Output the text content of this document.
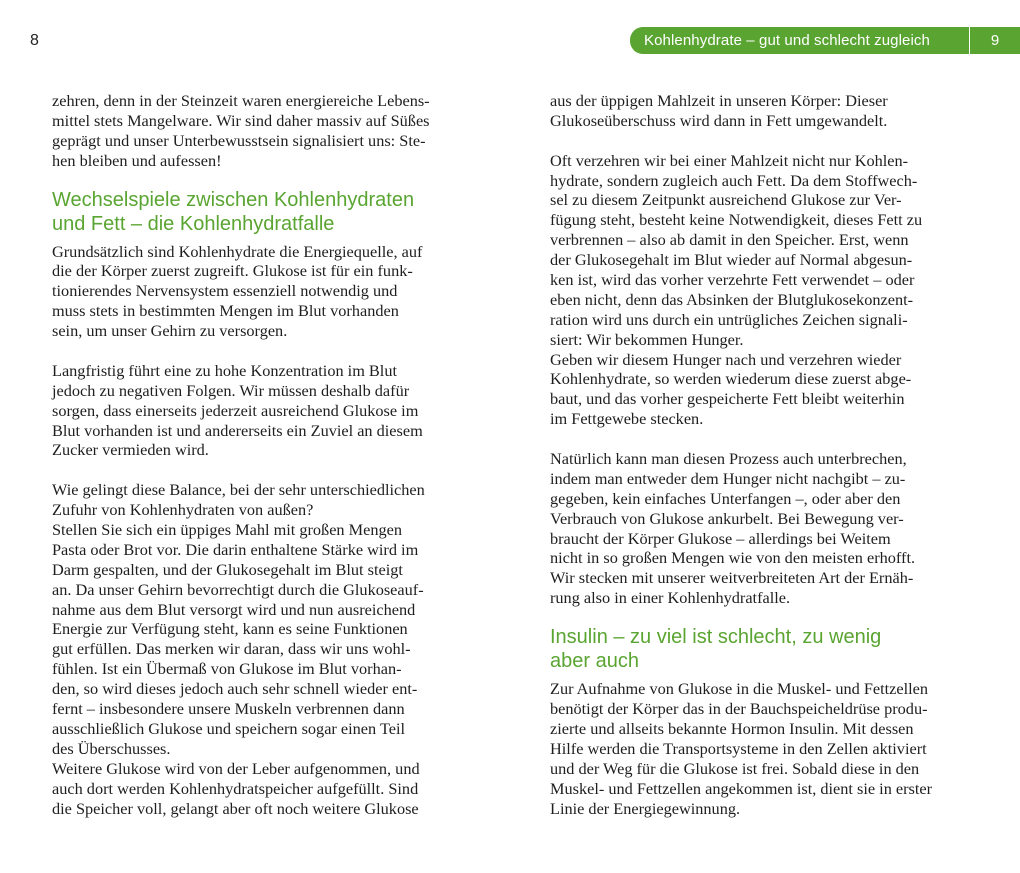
8	Kohlenhydrate – gut und schlecht zugleich	9
zehren, denn in der Steinzeit waren energiereiche Lebens-
mittel stets Mangelware. Wir sind daher massiv auf Süßes
geprägt und unser Unterbewusstsein signalisiert uns: Ste-
hen bleiben und aufessen!
Wechselspiele zwischen Kohlenhydraten
und Fett – die Kohlenhydratfalle
Grundsätzlich sind Kohlenhydrate die Energiequelle, auf
die der Körper zuerst zugreift. Glukose ist für ein funk-
tionierendes Nervensystem essenziell notwendig und
muss stets in bestimmten Mengen im Blut vorhanden
sein, um unser Gehirn zu versorgen.
Langfristig führt eine zu hohe Konzentration im Blut
jedoch zu negativen Folgen. Wir müssen deshalb dafür
sorgen, dass einerseits jederzeit ausreichend Glukose im
Blut vorhanden ist und andererseits ein Zuviel an diesem
Zucker vermieden wird.
Wie gelingt diese Balance, bei der sehr unterschiedlichen
Zufuhr von Kohlenhydraten von außen?
Stellen Sie sich ein üppiges Mahl mit großen Mengen
Pasta oder Brot vor. Die darin enthaltene Stärke wird im
Darm gespalten, und der Glukosegehalt im Blut steigt
an. Da unser Gehirn bevorrechtigt durch die Glukoseauf-
nahme aus dem Blut versorgt wird und nun ausreichend
Energie zur Verfügung steht, kann es seine Funktionen
gut erfüllen. Das merken wir daran, dass wir uns wohl-
fühlen. Ist ein Übermaß von Glukose im Blut vorhan-
den, so wird dieses jedoch auch sehr schnell wieder ent-
fernt – insbesondere unsere Muskeln verbrennen dann
ausschließlich Glukose und speichern sogar einen Teil
des Überschusses.
Weitere Glukose wird von der Leber aufgenommen, und
auch dort werden Kohlenhydratspeicher aufgefüllt. Sind
die Speicher voll, gelangt aber oft noch weitere Glukose
aus der üppigen Mahlzeit in unseren Körper: Dieser
Glukoseüberschuss wird dann in Fett umgewandelt.
Oft verzehren wir bei einer Mahlzeit nicht nur Kohlen-
hydrate, sondern zugleich auch Fett. Da dem Stoffwech-
sel zu diesem Zeitpunkt ausreichend Glukose zur Ver-
fügung steht, besteht keine Notwendigkeit, dieses Fett zu
verbrennen – also ab damit in den Speicher. Erst, wenn
der Glukosegehalt im Blut wieder auf Normal abgesun-
ken ist, wird das vorher verzehrte Fett verwendet – oder
eben nicht, denn das Absinken der Blutglukosekonzent-
ration wird uns durch ein untrügliches Zeichen signali-
siert: Wir bekommen Hunger.
Geben wir diesem Hunger nach und verzehren wieder
Kohlenhydrate, so werden wiederum diese zuerst abge-
baut, und das vorher gespeicherte Fett bleibt weiterhin
im Fettgewebe stecken.
Natürlich kann man diesen Prozess auch unterbrechen,
indem man entweder dem Hunger nicht nachgibt – zu-
gegeben, kein einfaches Unterfangen –, oder aber den
Verbrauch von Glukose ankurbelt. Bei Bewegung ver-
braucht der Körper Glukose – allerdings bei Weitem
nicht in so großen Mengen wie von den meisten erhofft.
Wir stecken mit unserer weitverbreiteten Art der Ernäh-
rung also in einer Kohlenhydratfalle.
Insulin – zu viel ist schlecht, zu wenig
aber auch
Zur Aufnahme von Glukose in die Muskel- und Fettzellen
benötigt der Körper das in der Bauchspeicheldrüse produ-
zierte und allseits bekannte Hormon Insulin. Mit dessen
Hilfe werden die Transportsysteme in den Zellen aktiviert
und der Weg für die Glukose ist frei. Sobald diese in den
Muskel- und Fettzellen angekommen ist, dient sie in erster
Linie der Energiegewinnung.
